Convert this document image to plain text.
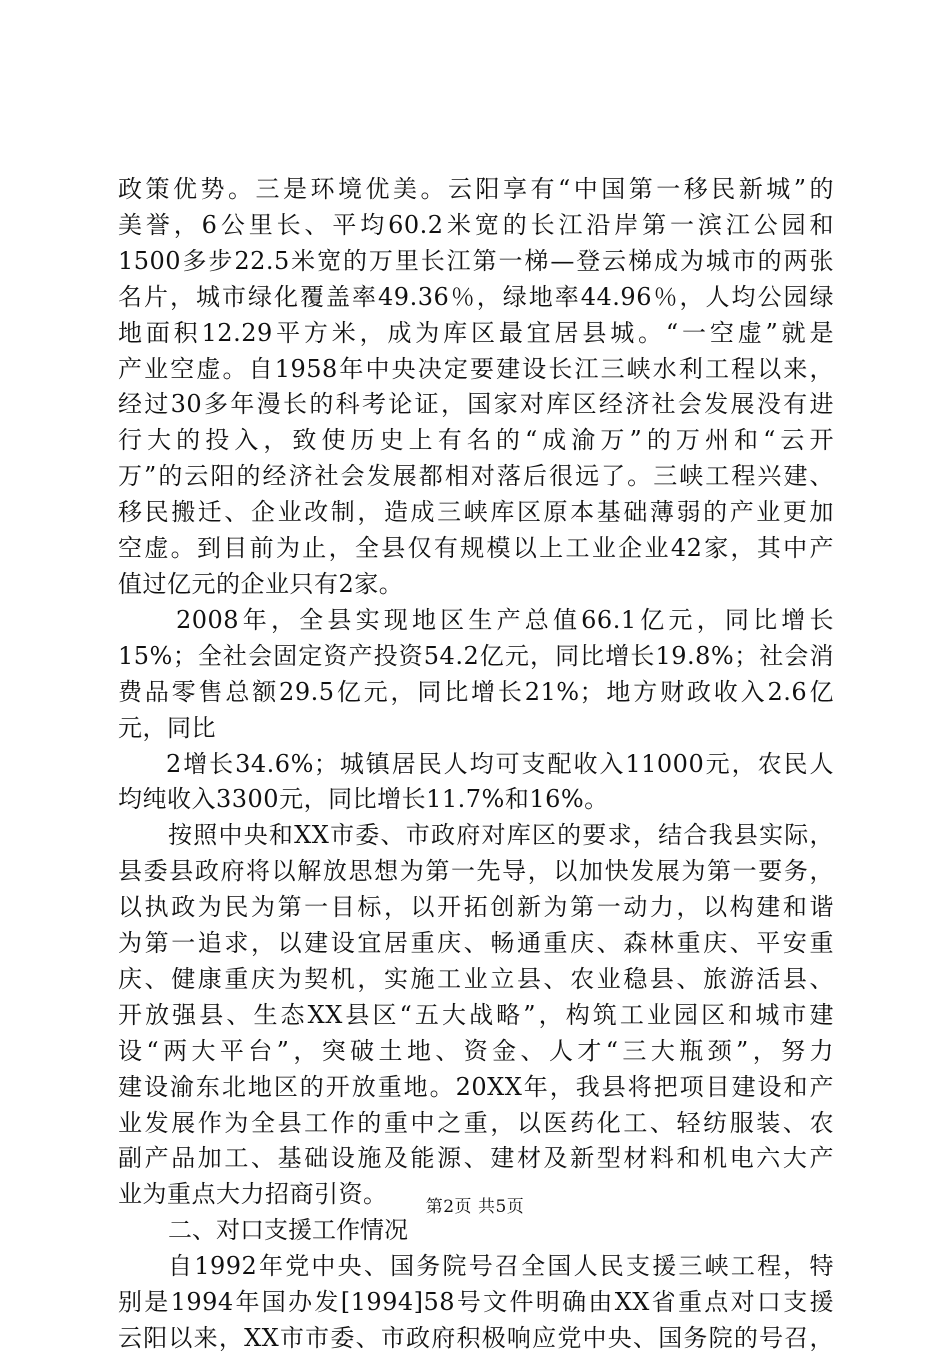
政策优势。三是环境优美。云阳享有“中国第一移民新城”的
美誉，6公里长、平均60.2米宽的长江沿岸第一滨江公园和
1500多步22.5米宽的万里长江第一梯—登云梯成为城市的两张
名片，城市绿化覆盖率49.36％，绿地率44.96％，人均公园绿
地面积12.29平方米，成为库区最宜居县城。“一空虚”就是
产业空虚。自1958年中央决定要建设长江三峡水利工程以来，
经过30多年漫长的科考论证，国家对库区经济社会发展没有进
行大的投入，致使历史上有名的“成渝万”的万州和“云开
万”的云阳的经济社会发展都相对落后很远了。三峡工程兴建、
移民搬迁、企业改制，造成三峡库区原本基础薄弱的产业更加
空虚。到目前为止，全县仅有规模以上工业企业42家，其中产
值过亿元的企业只有2家。

2008年，全县实现地区生产总值66.1亿元，同比增长
15%；全社会固定资产投资54.2亿元，同比增长19.8%；社会消
费品零售总额29.5亿元，同比增长21%；地方财政收入2.6亿
元，同比

2增长34.6%；城镇居民人均可支配收入11000元，农民人
均纯收入3300元，同比增长11.7%和16%。

按照中央和XX市委、市政府对库区的要求，结合我县实际，
县委县政府将以解放思想为第一先导，以加快发展为第一要务，
以执政为民为第一目标，以开拓创新为第一动力，以构建和谐
为第一追求，以建设宜居重庆、畅通重庆、森林重庆、平安重
庆、健康重庆为契机，实施工业立县、农业稳县、旅游活县、
开放强县、生态XX县区“五大战略”，构筑工业园区和城市建
设“两大平台”，突破土地、资金、人才“三大瓶颈”，努力
建设渝东北地区的开放重地。20XX年，我县将把项目建设和产
业发展作为全县工作的重中之重，以医药化工、轻纺服装、农
副产品加工、基础设施及能源、建材及新型材料和机电六大产
业为重点大力招商引资。

二、对口支援工作情况

自1992年党中央、国务院号召全国人民支援三峡工程，特
别是1994年国办发[1994]58号文件明确由XX省重点对口支援
云阳以来，XX市市委、市政府积极响应党中央、国务院的号召，

第2页 共5页
